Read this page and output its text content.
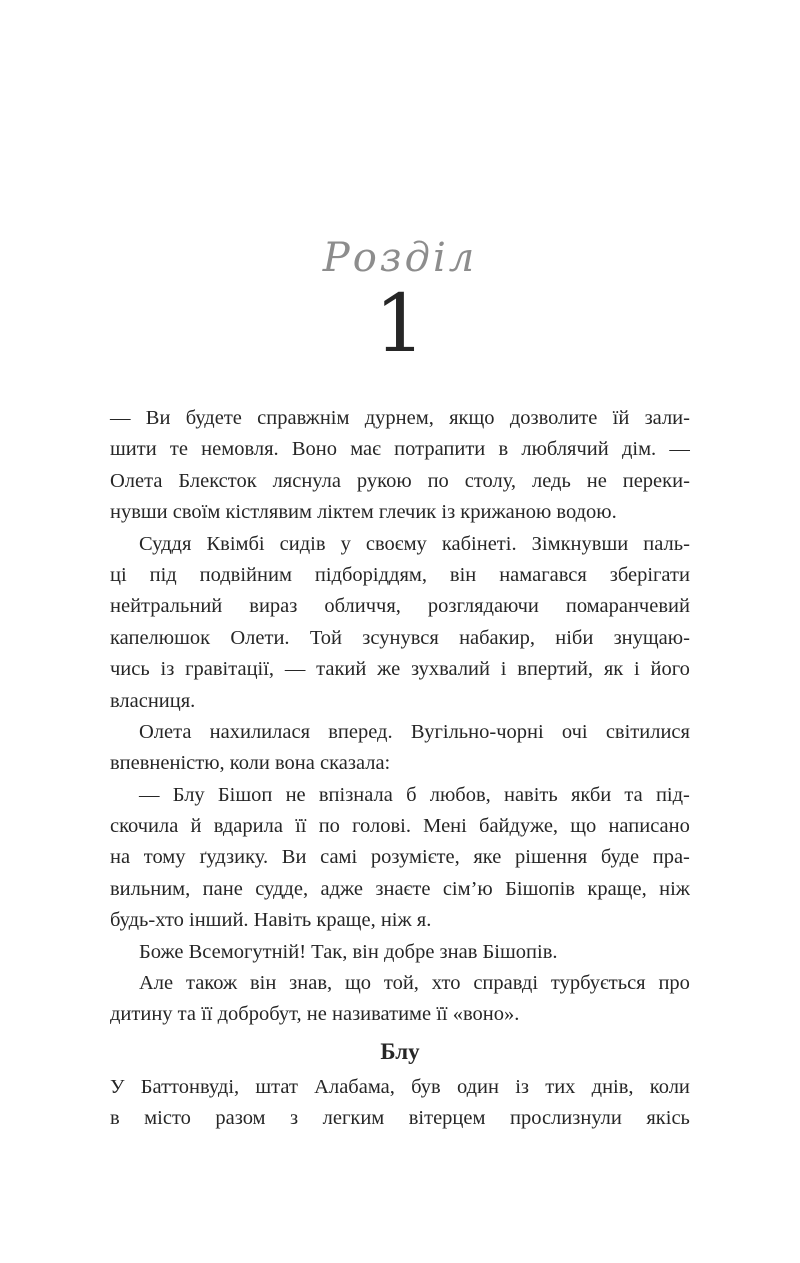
Розділ
1
— Ви будете справжнім дурнем, якщо дозволите їй зали-
шити те немовля. Воно має потрапити в люблячий дім. —
Олета Блексток ляснула рукою по столу, ледь не переки-
нувши своїм кістлявим ліктем глечик із крижаною водою.
Суддя Квімбі сидів у своєму кабінеті. Зімкнувши паль-
ці під подвійним підборіддям, він намагався зберігати
нейтральний вираз обличчя, розглядаючи помаранчевий
капелюшок Олети. Той зсунувся набакир, ніби знущаю-
чись із гравітації, — такий же зухвалий і впертий, як і його
власниця.
Олета нахилилася вперед. Вугільно-чорні очі світилися
впевненістю, коли вона сказала:
— Блу Бішоп не впізнала б любов, навіть якби та під-
скочила й вдарила її по голові. Мені байдуже, що написано
на тому ґудзику. Ви самі розумієте, яке рішення буде пра-
вильним, пане судде, адже знаєте сім’ю Бішопів краще, ніж
будь-хто інший. Навіть краще, ніж я.
Боже Всемогутній! Так, він добре знав Бішопів.
Але також він знав, що той, хто справді турбується про
дитину та її добробут, не називатиме її «воно».
Блу
У Баттонвуді, штат Алабама, був один із тих днів, коли
в місто разом з легким вітерцем прослизнули якісь
